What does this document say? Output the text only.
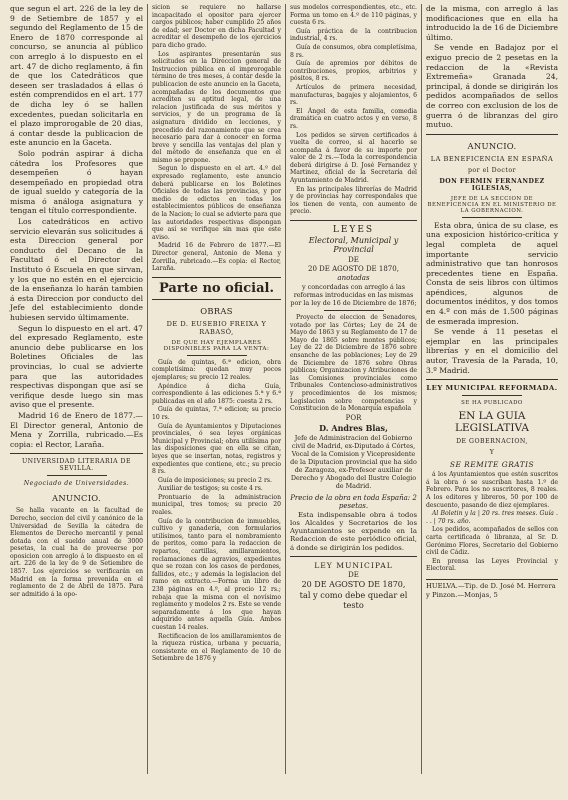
que segun el art. 226 de la ley de 9 de Setiembre de 1857 y el segundo del Reglamento de 15 de Enero de 1870 corresponde al concurso, se anuncia al público con arreglo á lo dispuesto en el art. 47 de dicho reglamento, á fin de que los Catedráticos que deseen ser trasladados á ellas ó estén comprendidos en el art. 177 de dicha ley ó se hallen excedentes, puedan solicitarla en el plazo improrogable de 20 dias, á contar desde la publicacion de este anuncio en la Gaceta.

Solo podrán aspirar á dicha cátedra los Profesores que desempeñen ó hayan desempeñado en propiedad otra de igual sueldo y categoría de la misma ó análoga asignatura y tengan el título correspondiente.

Los catedráticos en activo servicio elevarán sus solicitudes á esta Direccion general por conducto del Decano de la Facultad ó el Director del Instituto ó Escuela en que sirvan, y los que no estén en el ejercicio de la enseñanza lo harán tambien á esta Direccion por conducto del Jefe del establecimiento donde hubiesen servido últimamente.

Segun lo dispuesto en el art. 47 del expresado Reglamento, este anuncio debe publicarse en los Boletines Oficiales de las provincias, lo cual se advierte para que las autoridades respectivas dispongan que así se verifique desde luego sin mas aviso que el presente.

Madrid 16 de Enero de 1877.—El Director general, Antonio de Mena y Zorrilla, rubricado.—Es copia: el Rector, Laraña.

UNIVERSIDAD LITERARIA DE SEVILLA.
Negociado de Universidades.
ANUNCIO.

Se halla vacante en la facultad de Derecho, seccion del civil y canónico de la Universidad de Sevilla la cátedra de Elementos de Derecho mercantil y penal dotada con el sueldo anual de 3000 pesetas, la cual ha de proveerse por oposicion con arreglo á lo dispuesto en el art. 226 de la ley de 9 de Setiembre de 1857. Los ejercicios se verificarán en Madrid en la forma prevenida en el reglamento de 2 de Abril de 1875. Para ser admitido á la opo-

sicion se requiere no hallarse incapacitado el opositor para ejercer cargos públicos; haber cumplido 25 años de edad; ser Doctor en dicha Facultad y acreditar el desempeño de los ejercicios para dicho grado.

Los aspirantes presentarán sus solicitudes en la Direccion general de Instruccion pública en el improrogable término de tres meses, á contar desde la publicacion de este anuncio en la Gaceta, acompañadas de los documentos que acrediten su aptitud legal, de una relacion justificada de sus méritos y servicios, y de un programa de la asignatura dividido en lecciones, y precedido del razonamiento que se crea necesario para dar á conocer en forma breve y sencilla las ventajas del plan y del método de enseñanza que en el mismo se propone.

Segun lo dispuesto en el art. 4.º del expresado reglamento, este anuncio deberá publicarse en los Boletines Oficiales de todas las provincias, y por medio de edictos en todas los establecimientos públicos de enseñanza de la Nacion; lo cual se advierte para que las autoridades respectivas dispongan que así se verifique sin mas que este aviso.

Madrid 16 de Febrero de 1877.—El Director general, Antonio de Mena y Zorrilla, rubricado.—Es copia: el Rector, Laraña.

Parte no oficial.
OBRAS
DE D. EUSEBIO FREIXA Y RABASÓ,
DE QUE HAY EJEMPLARES DISPONIBLES PARA LA VENTA:

Guía de quintas, 6.ª edicion, obra completísima: quedan muy pocos ejemplares; su precio 12 reales.

Apéndice á dicha Guía, correspondiente á las ediciones 5.ª y 6.ª publicadas en el año 1875: cuesta 2 rs.

Guía de quintas, 7.ª edicion; su precio 10 rs.

Guía de Ayuntamientos y Diputaciones provinciales, ó sea leyes orgánicas Municipal y Provincial; obra utilísima por las disposiciones que en ella se citan, leyes que se insertan, notas, registros y expedientes que contiene, etc.; su precio 8 rs.

Guía de imposiciones; su precio 2 rs.

Auxiliar de testigos; su coste 4 rs.

Prontuario de la administracion municipal, tres tomos; su precio 20 reales.

Guía de la contribucion de inmuebles, cultivo y ganadería, con formularios utilísimos, tanto para el nombramiento de peritos, como para la redaccion de repartos, cartillas, amillaramientos, reclamaciones de agravios, expedientes que se rozan con los casos de perdones, fallidos, etc.; y además la legislacion del ramo en extracto.—Forma un libro de 238 páginas en 4.º, al precio 12 rs.; rebaja que la misma con el novísimo reglamento y modelos 2 rs. Este se vende separadamente á los que hayan adquirido antes aquella Guía. Ambos cuestan 14 reales.

Rectificacion de los amillaramientos de la riqueza rústica, urbana y pecuaria, consistente en el Reglamento de 10 de Setiembre de 1876 y

sus modelos correspondientes, etc., etc. Forma un tomo en 4.º de 110 páginas, y cuesta 6 rs.

Guía práctica de la contribucion industrial, 4 rs.

Guía de consumos, obra completísima, 8 rs.

Guía de apremios por débitos de contribuciones, propios, arbitrios y pósitos, 8 rs.

Artículos de primera necesidad, manufacturas, bagajes y alojamientos, 6 rs.

El Ángel de esta familia, comedia dramática en cuatro actos y en verso, 8 rs.

Los pedidos se sirven certificados á vuelta de correo, si al hacerlo se acompaña á favor de su importe por valor de 2 rs.—Toda la correspondencia deberá dirigirse á D. José Fernandez y Martinez, oficial de la Secretaría del Ayuntamiento de Madrid.

En las principales librerías de Madrid y de provincias hay correspondales que los tienen de venta, con aumento de precio.

LEYES
Electoral, Municipal y Provincial
DE
20 DE AGOSTO DE 1870,
anotadas
y concordadas con arreglo á las reformas introducidas en las mismas por la ley de 16 de Diciembre de 1876;

Proyecto de eleccion de Senadores, votado por las Córtes; Ley de 24 de Mayo de 1863 y su Reglamento de 17 de Mayo de 1865 sobre montes públicos; Ley de 22 de Diciembre de 1876 sobre ensanche de las poblaciones; Ley de 29 de Diciembre de 1876 sobre Obras públicas; Organizacion y Atribuciones de las Comisiones provinciales como Tribunales Contencioso-administrativos y procedimientos de los mismos; Legislacion sobre competencias y Constitucion de la Monarquía española

POR
D. Andres Blas,
Jefe de Administracion del Gobierno civil de Madrid, ex-Diputado á Córtes, Vocal de la Comision y Vicepresidente de la Diputacion provincial que ha sido de Zaragoza, ex-Profesor auxiliar de Derecho y Abogado del Ilustre Colegio de Madrid.
Precio de la obra en toda España: 2 pesetas.

Esta indispensable obra á todos los Alcaldes y Secretarios de los Ayuntamientos se expende en la Redaccion de este periódico oficial, á donde se dirigirán los pedidos.

LEY MUNICIPAL
DE
20 DE AGOSTO DE 1870,
tal y como debe quedar el testo

de la misma, con arreglo á las modificaciones que en ella ha introducido la de 16 de Diciembre último.

Se vende en Badajoz por el exiguo precio de 2 pesetas en la redaccion de la «Revista Extremeña» Granada 24, principal, á donde se dirigirán los pedidos acompañados de sellos de correo con exclusion de los de guerra ó de libranzas del giro mutuo.

ANUNCIO.
LA BENEFICENCIA EN ESPAÑA
por el Doctor
DON FERMIN FERNANDEZ IGLESIAS,
JEFE DE LA SECCION DE BENEFICENCIA EN EL MINISTERIO DE LA GOBERNACION.

Esta obra, única de su clase, es una exposicion histórico-crítica y legal completa de aquel importante servicio administrativo que tan honrosos precedentes tiene en España. Consta de seis libros con últimos apéndices, algunos de documentos inéditos, y dos tomos en 4.º con más de 1.500 páginas de esmerada impresion.

Se vende á 11 pesetas el ejemplar en las principales librerías y en el domicilio del autor, Travesía de la Parada, 10, 3.º Madrid.

LEY MUNICIPAL REFORMADA.
SE HA PUBLICADO
EN LA GUIA LEGISLATIVA
DE GOBERNACION,
Y
SE REMITE GRATIS

á los Ayuntamientos que estén suscritos á la obra ó se suscriban hasta 1.º de Febrero. Para los no suscritores, 8 reales. A los editores y libreros, 50 por 100 de descuento, pasando de diez ejemplares.

Al Boletin y la | 20 rs. tres meses. Guía . . . | 70 rs. año.

Los pedidos, acompañados de sellos con carta certificada ó libranza, al Sr. D. Gerónimo Flores, Secretario del Gobierno civil de Cádiz.

En prensa las Leyes Provincial y Electoral.

HUELVA.—Tip. de D. José M. Herrera y Pinzon.—Monjas, 5
